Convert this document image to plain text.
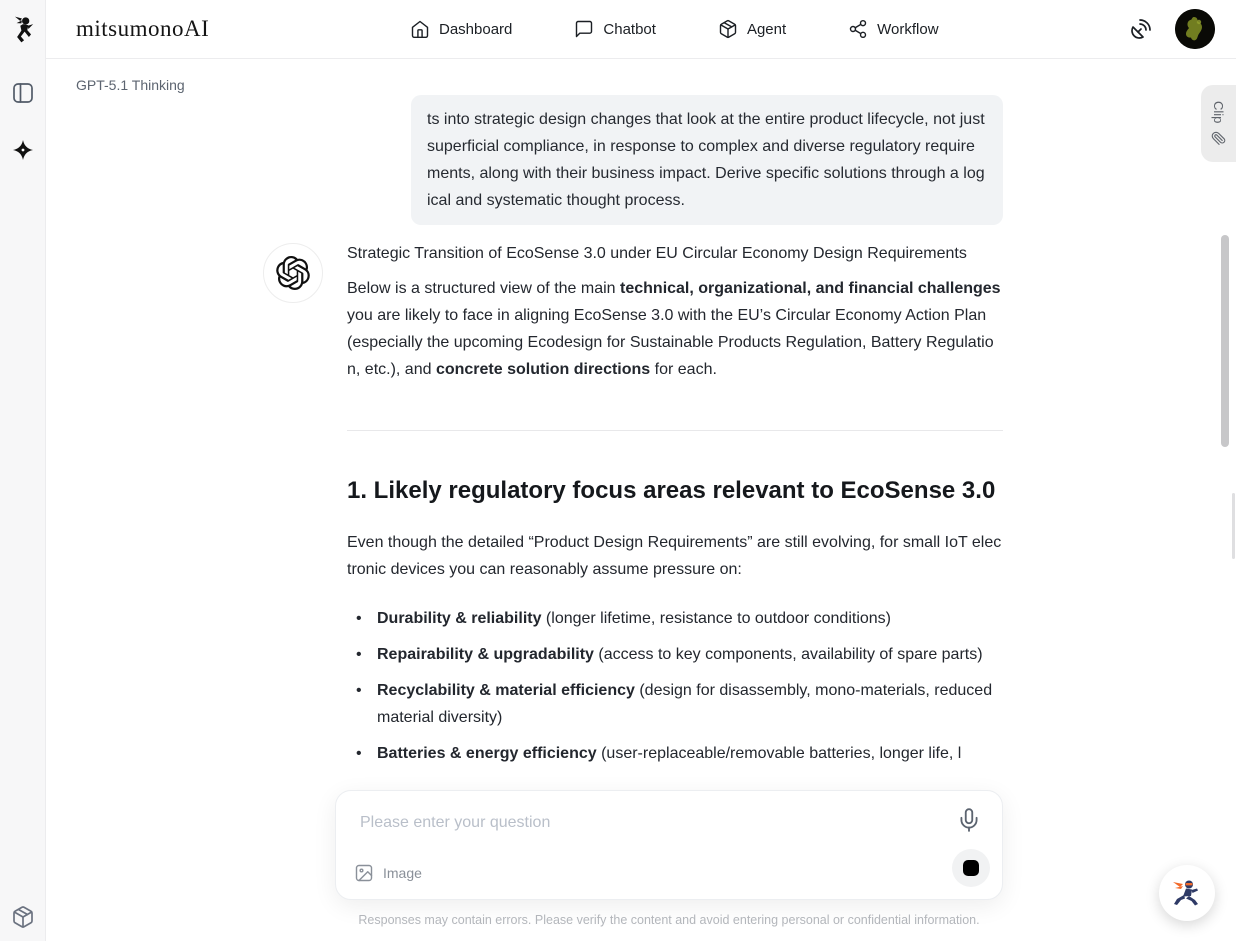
mitsumonoAI	Dashboard	Chatbot	Agent	Workflow
GPT-5.1 Thinking
ts into strategic design changes that look at the entire product lifecycle, not just superficial compliance, in response to complex and diverse regulatory requirements, along with their business impact. Derive specific solutions through a logical and systematic thought process.

Strategic Transition of EcoSense 3.0 under EU Circular Economy Design Requirements

Below is a structured view of the main technical, organizational, and financial challenges you are likely to face in aligning EcoSense 3.0 with the EU’s Circular Economy Action Plan (especially the upcoming Ecodesign for Sustainable Products Regulation, Battery Regulation, etc.), and concrete solution directions for each.

1. Likely regulatory focus areas relevant to EcoSense 3.0

Even though the detailed “Product Design Requirements” are still evolving, for small IoT electronic devices you can reasonably assume pressure on:

• Durability & reliability (longer lifetime, resistance to outdoor conditions)
• Repairability & upgradability (access to key components, availability of spare parts)
• Recyclability & material efficiency (design for disassembly, mono-materials, reduced material diversity)
• Batteries & energy efficiency (user-replaceable/removable batteries, longer life, l
Please enter your question
Image
Responses may contain errors. Please verify the content and avoid entering personal or confidential information.
Clip
